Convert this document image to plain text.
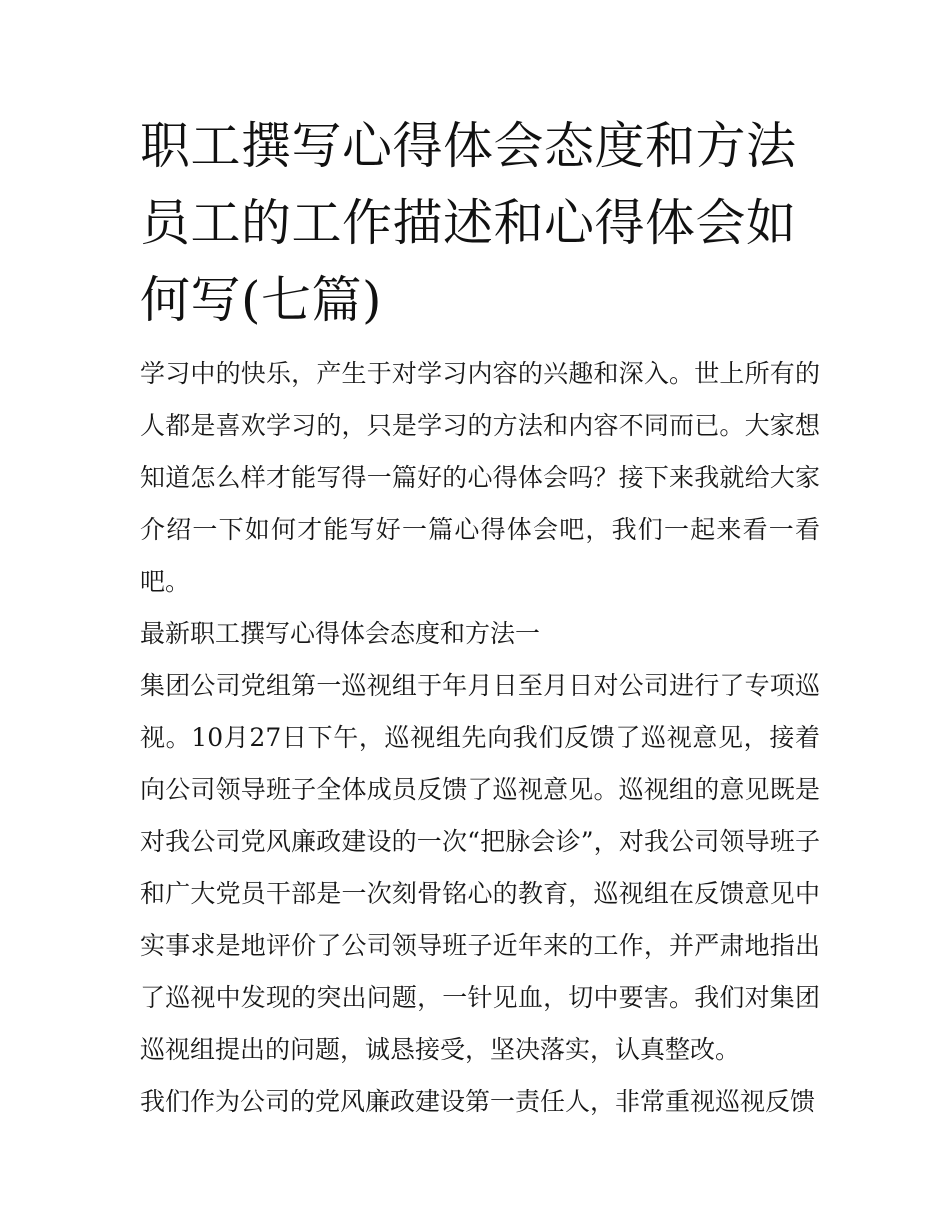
职工撰写心得体会态度和方法员工的工作描述和心得体会如何写(七篇)

学习中的快乐，产生于对学习内容的兴趣和深入。世上所有的人都是喜欢学习的，只是学习的方法和内容不同而已。大家想知道怎么样才能写得一篇好的心得体会吗？接下来我就给大家介绍一下如何才能写好一篇心得体会吧，我们一起来看一看吧。

最新职工撰写心得体会态度和方法一

集团公司党组第一巡视组于年月日至月日对公司进行了专项巡视。10月27日下午，巡视组先向我们反馈了巡视意见，接着向公司领导班子全体成员反馈了巡视意见。巡视组的意见既是对我公司党风廉政建设的一次“把脉会诊”，对我公司领导班子和广大党员干部是一次刻骨铭心的教育，巡视组在反馈意见中实事求是地评价了公司领导班子近年来的工作，并严肃地指出了巡视中发现的突出问题，一针见血，切中要害。我们对集团巡视组提出的问题，诚恳接受，坚决落实，认真整改。

我们作为公司的党风廉政建设第一责任人，非常重视巡视反馈
